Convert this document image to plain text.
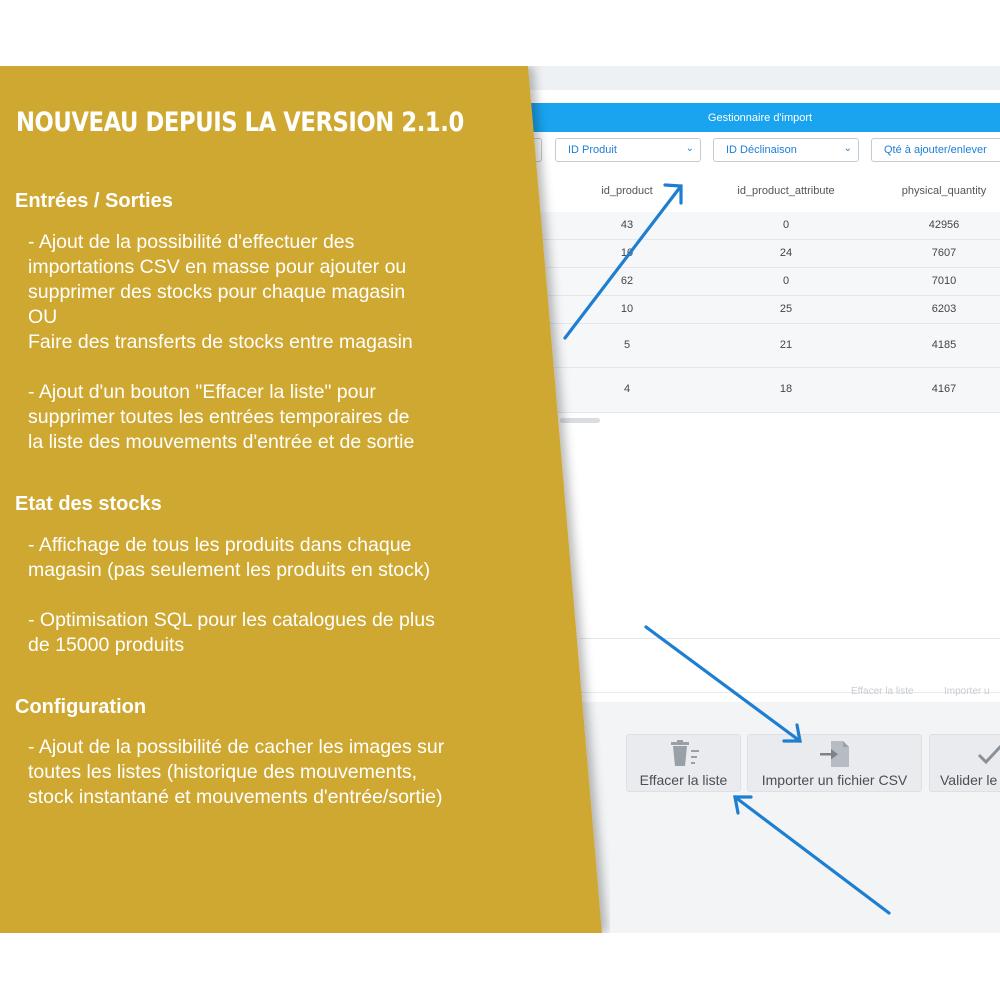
Gestionnaire d'import
ID Produit	⌄	ID Déclinaison	⌄	Qté à ajouter/enlever
id_product	id_product_attribute	physical_quantity
43	0	42956
10	24	7607
62	0	7010
10	25	6203
5	21	4185
4	18	4167
Effacer la liste	Importer u
Effacer la liste	Importer un fichier CSV	Valider le
NOUVEAU DEPUIS LA VERSION 2.1.0
Entrées / Sorties
- Ajout de la possibilité d'effectuer des
importations CSV en masse pour ajouter ou
supprimer des stocks pour chaque magasin
OU
Faire des transferts de stocks entre magasin
- Ajout d'un bouton "Effacer la liste" pour
supprimer toutes les entrées temporaires de
la liste des mouvements d'entrée et de sortie
Etat des stocks
- Affichage de tous les produits dans chaque
magasin (pas seulement les produits en stock)
- Optimisation SQL pour les catalogues de plus
de 15000 produits
Configuration
- Ajout de la possibilité de cacher les images sur
toutes les listes (historique des mouvements,
stock instantané et mouvements d'entrée/sortie)
